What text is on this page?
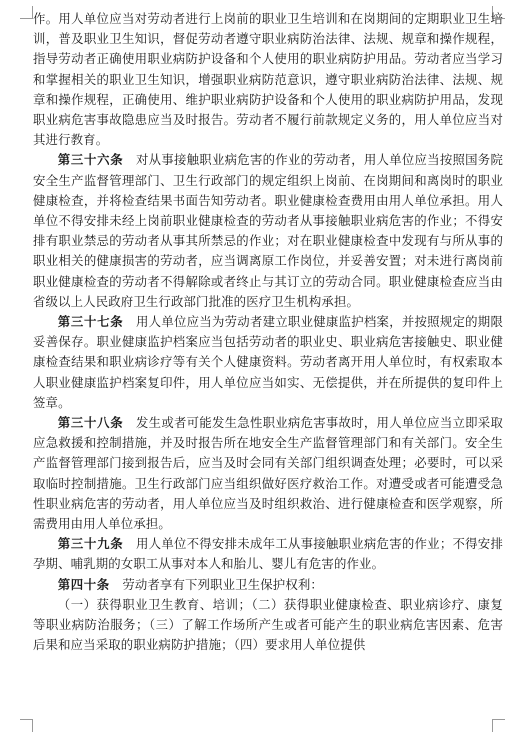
作。用人单位应当对劳动者进行上岗前的职业卫生培训和在岗期间的定期职业卫生培训，普及职业卫生知识，督促劳动者遵守职业病防治法律、法规、规章和操作规程，指导劳动者正确使用职业病防护设备和个人使用的职业病防护用品。劳动者应当学习和掌握相关的职业卫生知识，增强职业病防范意识，遵守职业病防治法律、法规、规章和操作规程，正确使用、维护职业病防护设备和个人使用的职业病防护用品，发现职业病危害事故隐患应当及时报告。劳动者不履行前款规定义务的，用人单位应当对其进行教育。

第三十六条　 对从事接触职业病危害的作业的劳动者，用人单位应当按照国务院安全生产监督管理部门、卫生行政部门的规定组织上岗前、在岗期间和离岗时的职业健康检查，并将检查结果书面告知劳动者。职业健康检查费用由用人单位承担。用人单位不得安排未经上岗前职业健康检查的劳动者从事接触职业病危害的作业；不得安排有职业禁忌的劳动者从事其所禁忌的作业；对在职业健康检查中发现有与所从事的职业相关的健康损害的劳动者，应当调离原工作岗位，并妥善安置；对未进行离岗前职业健康检查的劳动者不得解除或者终止与其订立的劳动合同。职业健康检查应当由省级以上人民政府卫生行政部门批准的医疗卫生机构承担。

第三十七条　 用人单位应当为劳动者建立职业健康监护档案，并按照规定的期限妥善保存。职业健康监护档案应当包括劳动者的职业史、职业病危害接触史、职业健康检查结果和职业病诊疗等有关个人健康资料。劳动者离开用人单位时，有权索取本人职业健康监护档案复印件，用人单位应当如实、无偿提供，并在所提供的复印件上签章。

第三十八条　 发生或者可能发生急性职业病危害事故时，用人单位应当立即采取应急救援和控制措施，并及时报告所在地安全生产监督管理部门和有关部门。安全生产监督管理部门接到报告后，应当及时会同有关部门组织调查处理；必要时，可以采取临时控制措施。卫生行政部门应当组织做好医疗救治工作。对遭受或者可能遭受急性职业病危害的劳动者，用人单位应当及时组织救治、进行健康检查和医学观察，所需费用由用人单位承担。

第三十九条　 用人单位不得安排未成年工从事接触职业病危害的作业；不得安排孕期、哺乳期的女职工从事对本人和胎儿、婴儿有危害的作业。

第四十条　 劳动者享有下列职业卫生保护权利：

（一）获得职业卫生教育、培训；（二）获得职业健康检查、职业病诊疗、康复等职业病防治服务；（三）了解工作场所产生或者可能产生的职业病危害因素、危害后果和应当采取的职业病防护措施；（四）要求用人单位提供
